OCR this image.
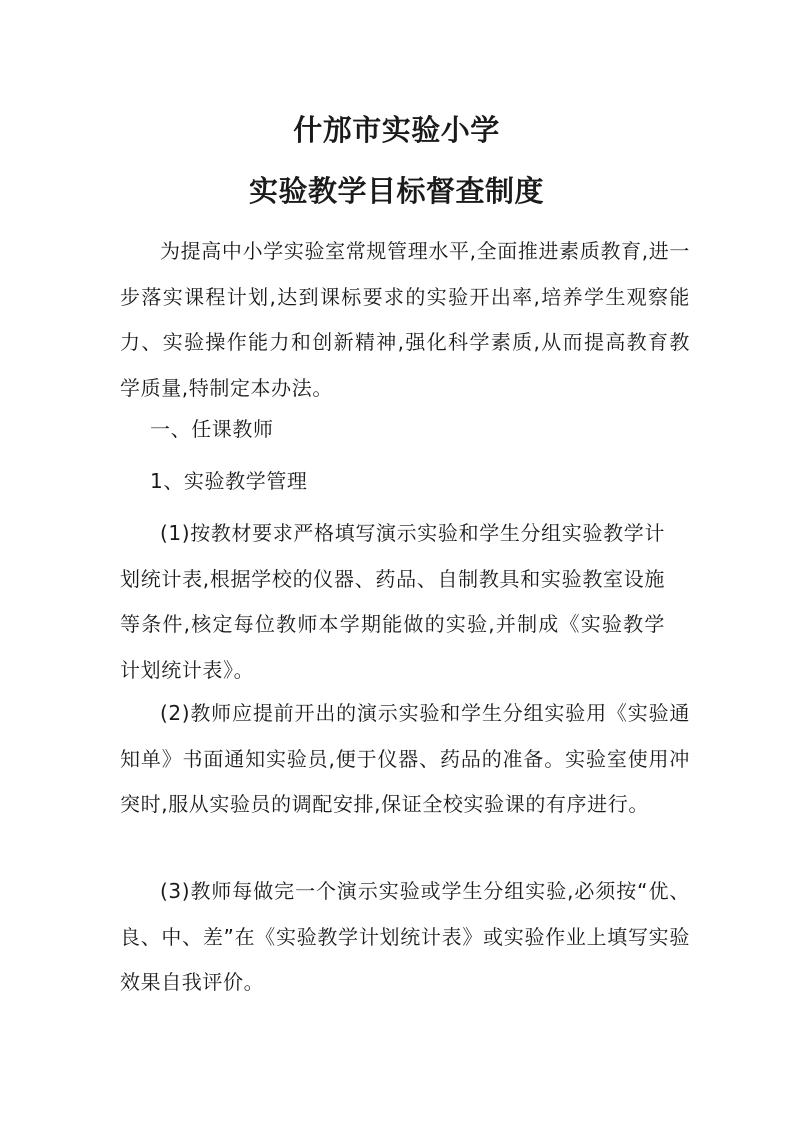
什邡市实验小学
实验教学目标督查制度

为提高中小学实验室常规管理水平,全面推进素质教育,进一步落实课程计划,达到课标要求的实验开出率,培养学生观察能力、实验操作能力和创新精神,强化科学素质,从而提高教育教学质量,特制定本办法。

一、任课教师

1、实验教学管理

(1)按教材要求严格填写演示实验和学生分组实验教学计划统计表,根据学校的仪器、药品、自制教具和实验教室设施等条件,核定每位教师本学期能做的实验,并制成《实验教学计划统计表》。

(2)教师应提前开出的演示实验和学生分组实验用《实验通知单》书面通知实验员,便于仪器、药品的准备。实验室使用冲突时,服从实验员的调配安排,保证全校实验课的有序进行。

(3)教师每做完一个演示实验或学生分组实验,必须按“优、良、中、差”在《实验教学计划统计表》或实验作业上填写实验效果自我评价。
